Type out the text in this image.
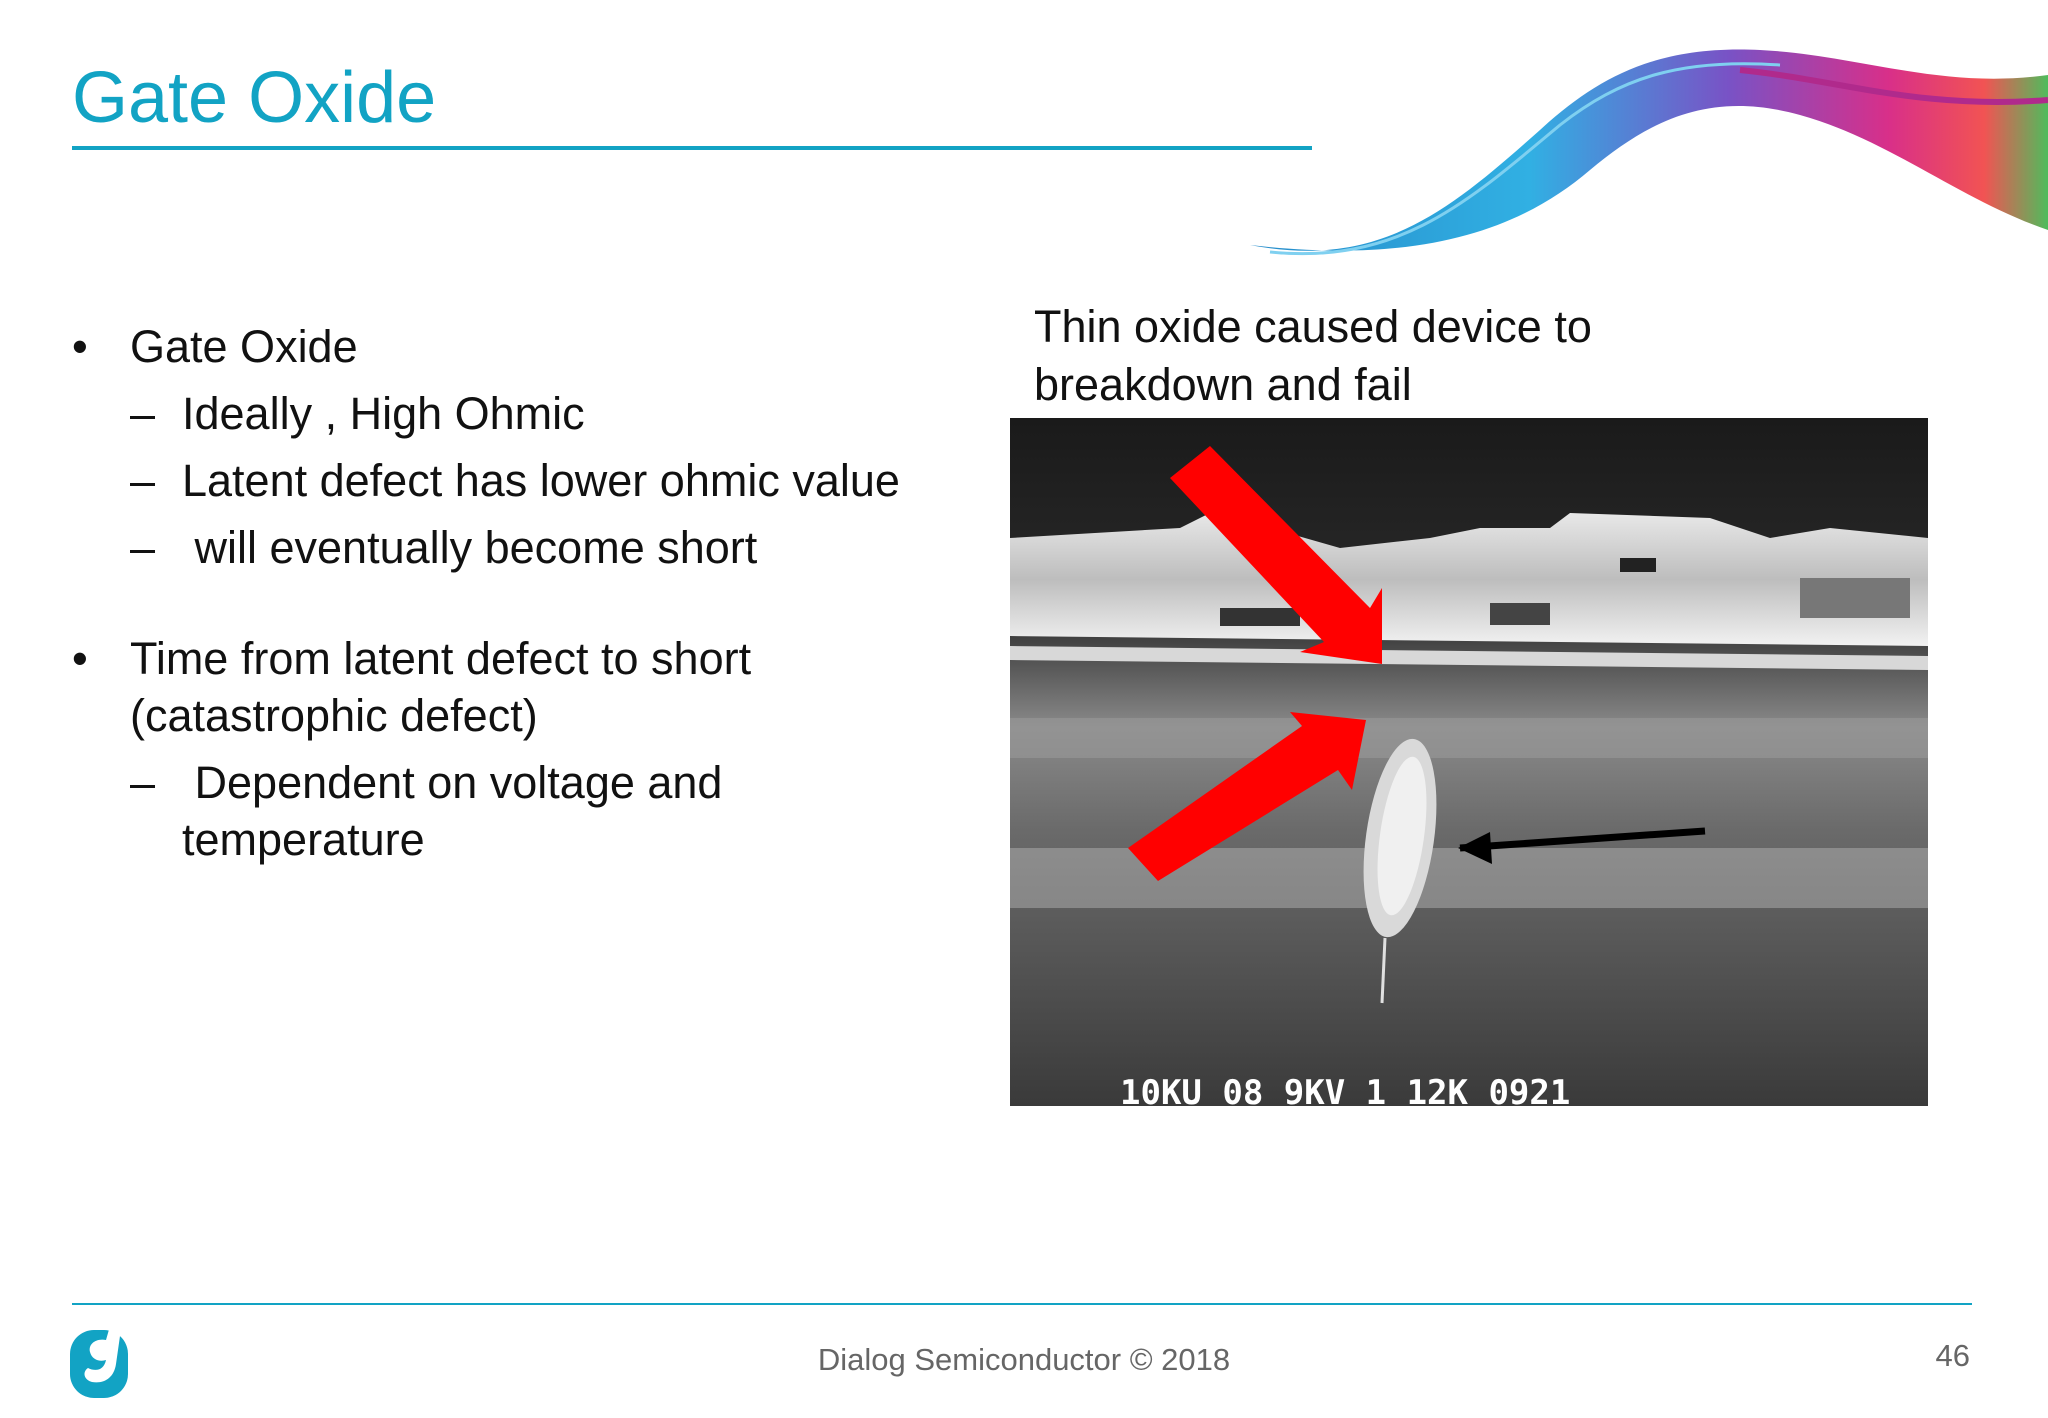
Gate Oxide

• Gate Oxide

– Ideally , High Ohmic

– Latent defect has lower ohmic value

– will eventually become short

• Time from latent defect to short (catastrophic defect)

– Dependent on voltage and temperature

Thin oxide caused device to breakdown and fail
10KU 08 9KV 1 12K 0921
Dialog Semiconductor © 2018	46
